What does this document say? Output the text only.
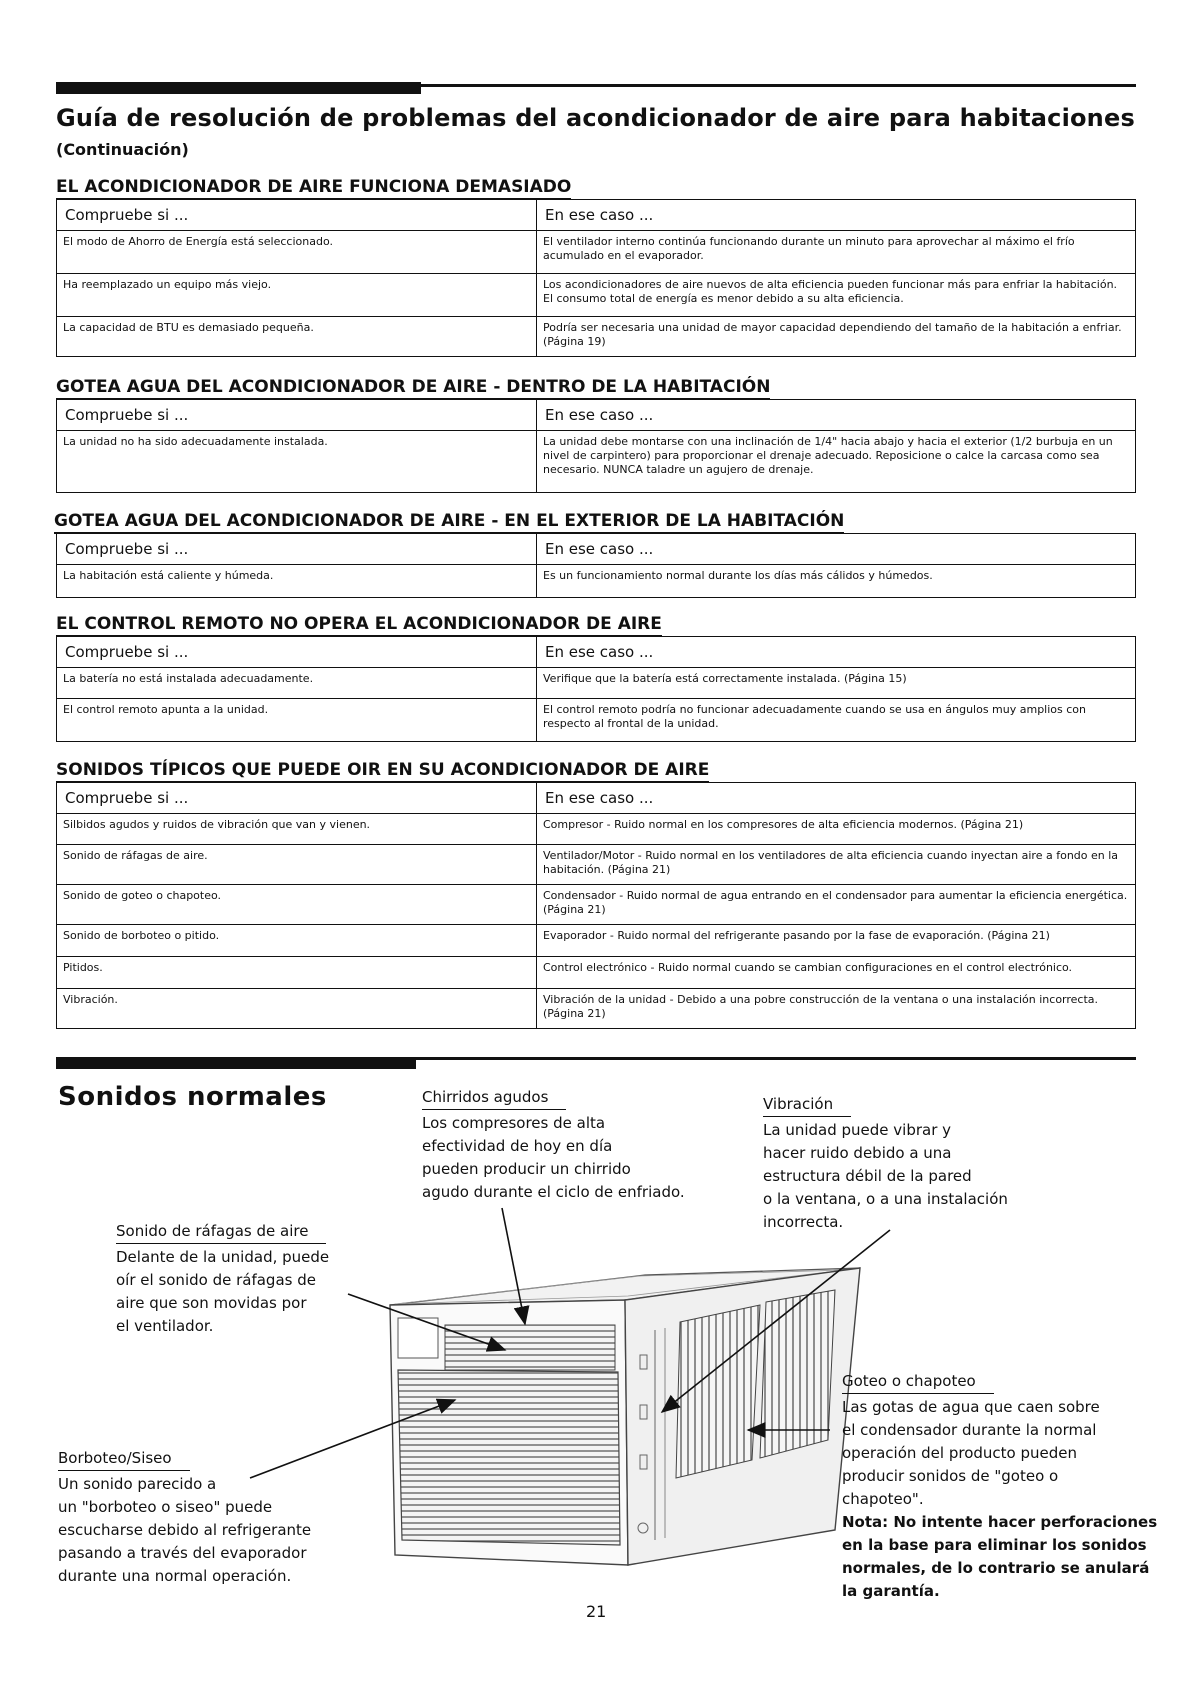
Guía de resolución de problemas del acondicionador de aire para habitaciones
(Continuación)
EL ACONDICIONADOR DE AIRE FUNCIONA DEMASIADO
Compruebe si ...	En ese caso ...
El modo de Ahorro de Energía está seleccionado.	El ventilador interno continúa funcionando durante un minuto para aprovechar al máximo el frío acumulado en el evaporador.
Ha reemplazado un equipo más viejo.	Los acondicionadores de aire nuevos de alta eficiencia pueden funcionar más para enfriar la habitación. El consumo total de energía es menor debido a su alta eficiencia.
La capacidad de BTU es demasiado pequeña.	Podría ser necesaria una unidad de mayor capacidad dependiendo del tamaño de la habitación a enfriar. (Página 19)
GOTEA AGUA DEL ACONDICIONADOR DE AIRE - DENTRO DE LA HABITACIÓN
Compruebe si ...	En ese caso ...
La unidad no ha sido adecuadamente instalada.	La unidad debe montarse con una inclinación de 1/4" hacia abajo y hacia el exterior (1/2 burbuja en un nivel de carpintero) para proporcionar el drenaje adecuado. Reposicione o calce la carcasa como sea necesario. NUNCA taladre un agujero de drenaje.
GOTEA AGUA DEL ACONDICIONADOR DE AIRE - EN EL EXTERIOR DE LA HABITACIÓN
Compruebe si ...	En ese caso ...
La habitación está caliente y húmeda.	Es un funcionamiento normal durante los días más cálidos y húmedos.
EL CONTROL REMOTO NO OPERA EL ACONDICIONADOR DE AIRE
Compruebe si ...	En ese caso ...
La batería no está instalada adecuadamente.	Verifique que la batería está correctamente instalada. (Página 15)
El control remoto apunta a la unidad.	El control remoto podría no funcionar adecuadamente cuando se usa en ángulos muy amplios con respecto al frontal de la unidad.
SONIDOS TÍPICOS QUE PUEDE OIR EN SU ACONDICIONADOR DE AIRE
Compruebe si ...	En ese caso ...
Silbidos agudos y ruidos de vibración que van y vienen.	Compresor - Ruido normal en los compresores de alta eficiencia modernos. (Página 21)
Sonido de ráfagas de aire.	Ventilador/Motor - Ruido normal en los ventiladores de alta eficiencia cuando inyectan aire a fondo en la habitación. (Página 21)
Sonido de goteo o chapoteo.	Condensador - Ruido normal de agua entrando en el condensador para aumentar la eficiencia energética. (Página 21)
Sonido de borboteo o pitido.	Evaporador - Ruido normal del refrigerante pasando por la fase de evaporación. (Página 21)
Pitidos.	Control electrónico - Ruido normal cuando se cambian configuraciones en el control electrónico.
Vibración.	Vibración de la unidad - Debido a una pobre construcción de la ventana o una instalación incorrecta. (Página 21)
Sonidos normales	Chirridos agudos
Los compresores de alta
efectividad de hoy en día
pueden producir un chirrido
agudo durante el ciclo de enfriado.
Vibración
La unidad puede vibrar y
hacer ruido debido a una
estructura débil de la pared
o la ventana, o a una instalación
incorrecta.
Sonido de ráfagas de aire
Delante de la unidad, puede
oír el sonido de ráfagas de
aire que son movidas por
el ventilador.
Goteo o chapoteo
Las gotas de agua que caen sobre
el condensador durante la normal
operación del producto pueden
producir sonidos de "goteo o
chapoteo".
Nota: No intente hacer perforaciones
en la base para eliminar los sonidos
normales, de lo contrario se anulará
la garantía.
Borboteo/Siseo
Un sonido parecido a
un "borboteo o siseo" puede
escucharse debido al refrigerante
pasando a través del evaporador
durante una normal operación.
21
